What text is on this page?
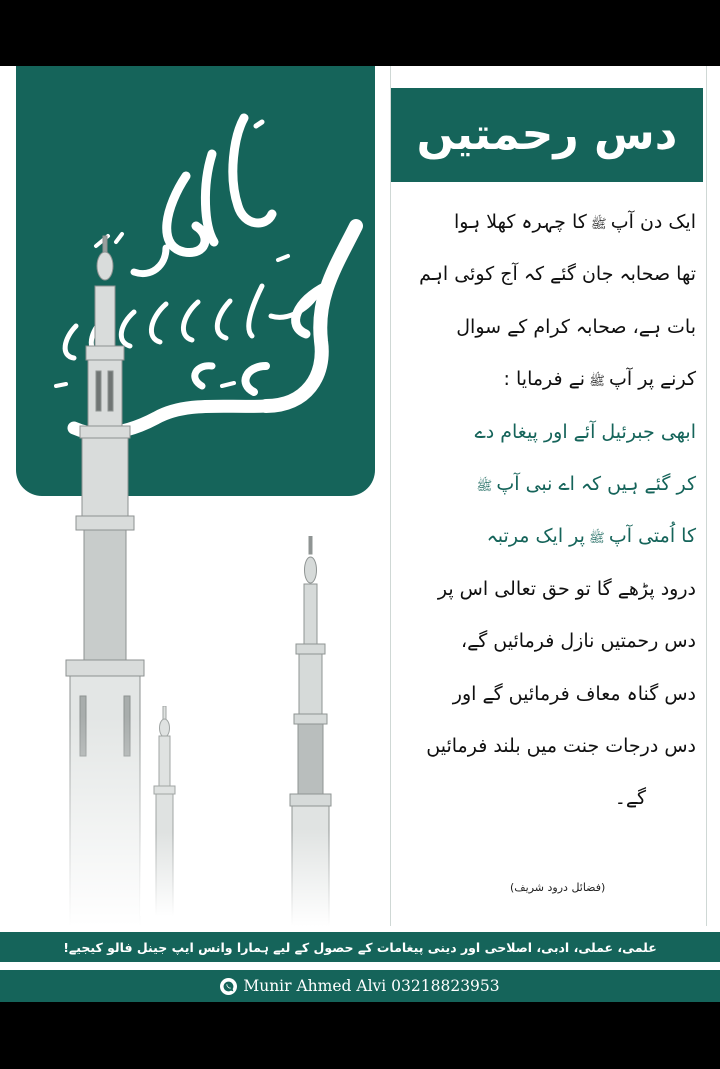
دس رحمتیں
ایک دن آپ ﷺ کا چہرہ کھلا ہوا
تھا صحابہ جان گئے کہ آج کوئی اہم
بات ہے، صحابہ کرام کے سوال
کرنے پر آپ ﷺ نے فرمایا :
ابھی جبرئیل آئے اور پیغام دے
کر گئے ہیں کہ اے نبی آپ ﷺ
کا اُمتی آپ ﷺ پر ایک مرتبہ
درود پڑھے گا تو حق تعالی اس پر
دس رحمتیں نازل فرمائیں گے،
دس گناہ معاف فرمائیں گے اور
دس درجات جنت میں بلند فرمائیں
گے۔
(فضائل درود شریف)
علمی، عملی، ادبی، اصلاحی اور دینی پیغامات کے حصول کے لیے ہمارا وانس ایپ جینل فالو کیجیے!
Munir Ahmed Alvi 03218823953
